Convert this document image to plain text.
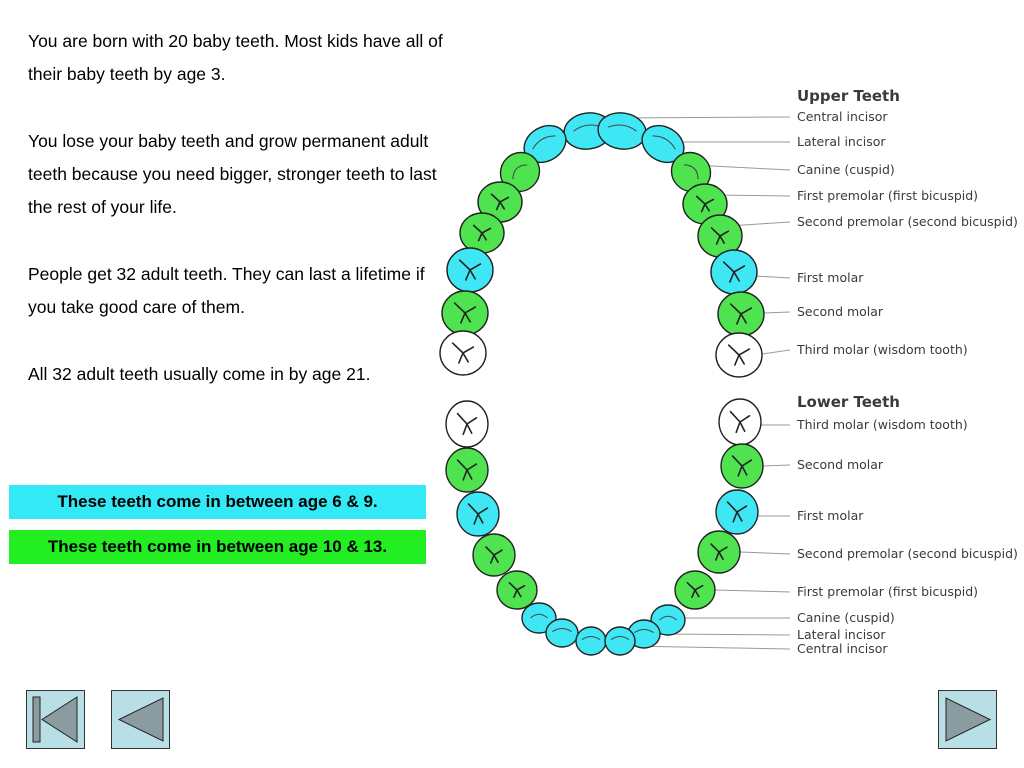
You are born with 20 baby teeth. Most kids have all of their baby teeth by age 3.

You lose your baby teeth and grow permanent adult teeth because you need bigger, stronger teeth to last the rest of your life.

People get 32 adult teeth. They can last a lifetime if you take good care of them.

All 32 adult teeth usually come in by age 21.

These teeth come in between age 6 & 9.
These teeth come in between age 10 & 13.
Upper Teeth
Central incisor
Lateral incisor
Canine (cuspid)
First premolar (first bicuspid)
Second premolar (second bicuspid)
First molar
Second molar
Third molar (wisdom tooth)
Lower Teeth
Third molar (wisdom tooth)
Second molar
First molar
Second premolar (second bicuspid)
First premolar (first bicuspid)
Canine (cuspid)
Lateral incisor
Central incisor
